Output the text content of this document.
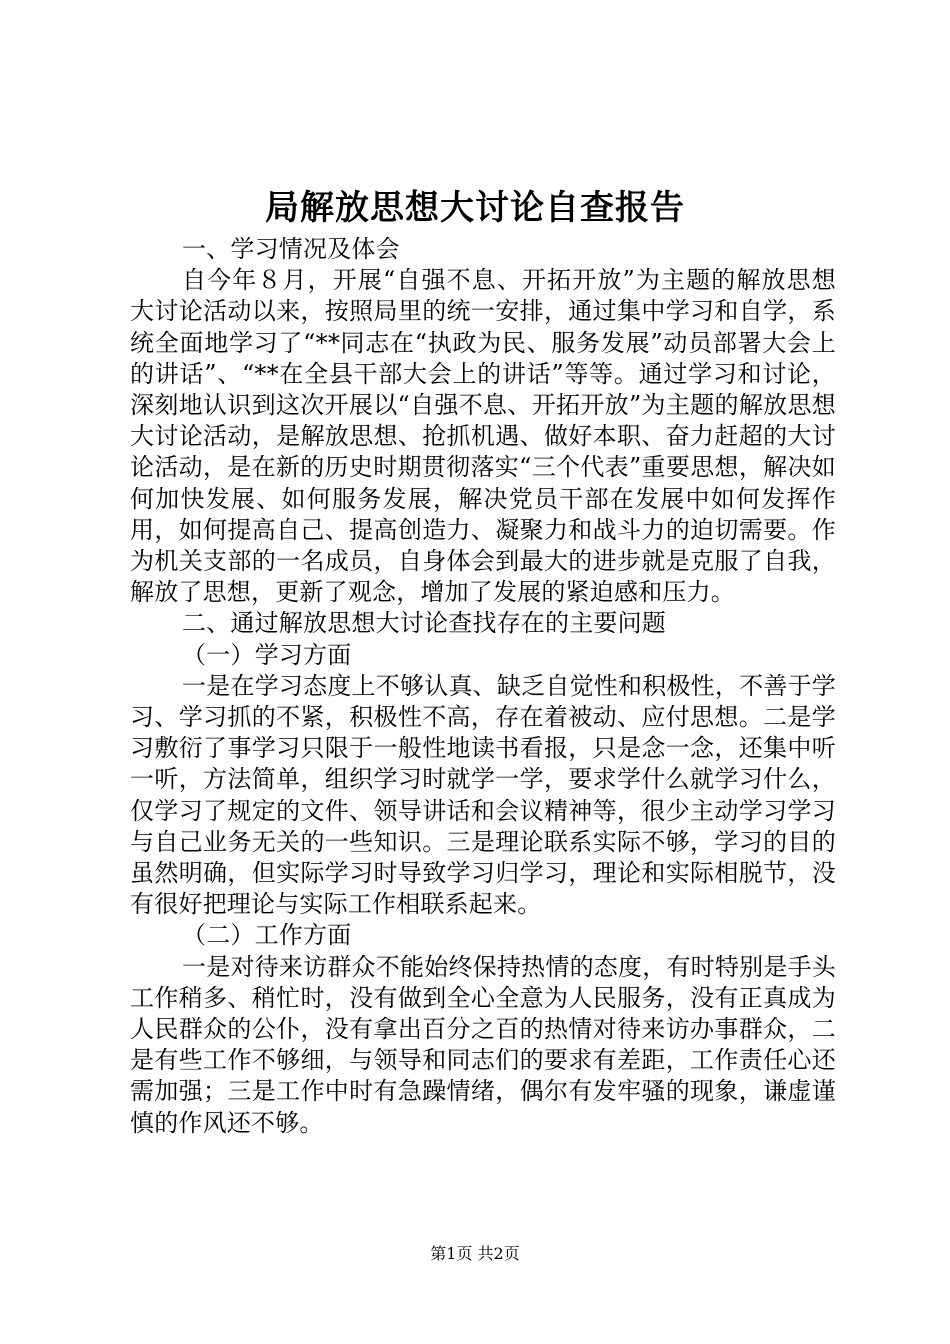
局解放思想大讨论自查报告

一、学习情况及体会

自今年８月，开展“自强不息、开拓开放”为主题的解放思想大讨论活动以来，按照局里的统一安排，通过集中学习和自学，系统全面地学习了“**同志在“执政为民、服务发展”动员部署大会上的讲话”、“**在全县干部大会上的讲话”等等。通过学习和讨论，深刻地认识到这次开展以“自强不息、开拓开放”为主题的解放思想大讨论活动，是解放思想、抢抓机遇、做好本职、奋力赶超的大讨论活动，是在新的历史时期贯彻落实“三个代表”重要思想，解决如何加快发展、如何服务发展，解决党员干部在发展中如何发挥作用，如何提高自己、提高创造力、凝聚力和战斗力的迫切需要。作为机关支部的一名成员，自身体会到最大的进步就是克服了自我，解放了思想，更新了观念，增加了发展的紧迫感和压力。

二、通过解放思想大讨论查找存在的主要问题

（一）学习方面

一是在学习态度上不够认真、缺乏自觉性和积极性，不善于学习、学习抓的不紧，积极性不高，存在着被动、应付思想。二是学习敷衍了事学习只限于一般性地读书看报，只是念一念，还集中听一听，方法简单，组织学习时就学一学，要求学什么就学习什么，仅学习了规定的文件、领导讲话和会议精神等，很少主动学习学习与自己业务无关的一些知识。三是理论联系实际不够，学习的目的虽然明确，但实际学习时导致学习归学习，理论和实际相脱节，没有很好把理论与实际工作相联系起来。

（二）工作方面

一是对待来访群众不能始终保持热情的态度，有时特别是手头工作稍多、稍忙时，没有做到全心全意为人民服务，没有正真成为人民群众的公仆，没有拿出百分之百的热情对待来访办事群众，二是有些工作不够细，与领导和同志们的要求有差距，工作责任心还需加强；三是工作中时有急躁情绪，偶尔有发牢骚的现象，谦虚谨慎的作风还不够。

第1页 共2页
